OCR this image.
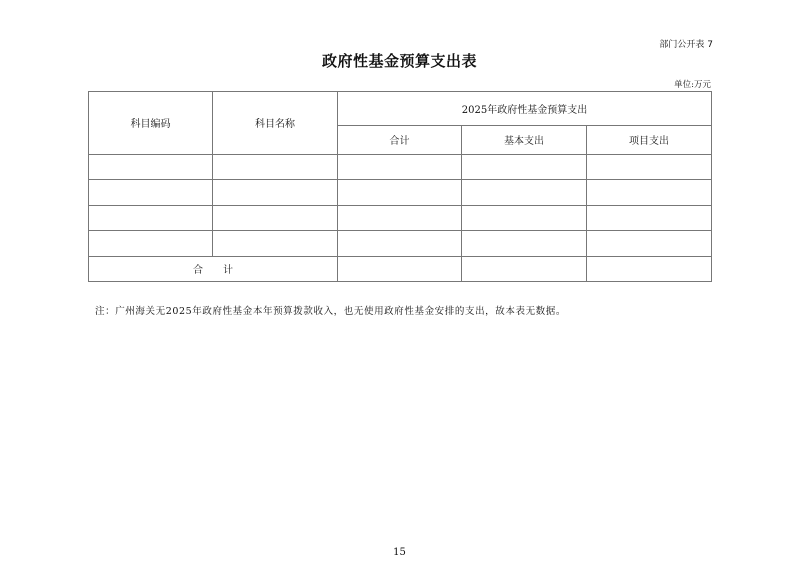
部门公开表 7
政府性基金预算支出表
单位:万元
科目编码	科目名称	2025年政府性基金预算支出		
		合计	基本支出	项目支出

合　　计				
注：广州海关无2025年政府性基金本年预算拨款收入，也无使用政府性基金安排的支出，故本表无数据。
15
